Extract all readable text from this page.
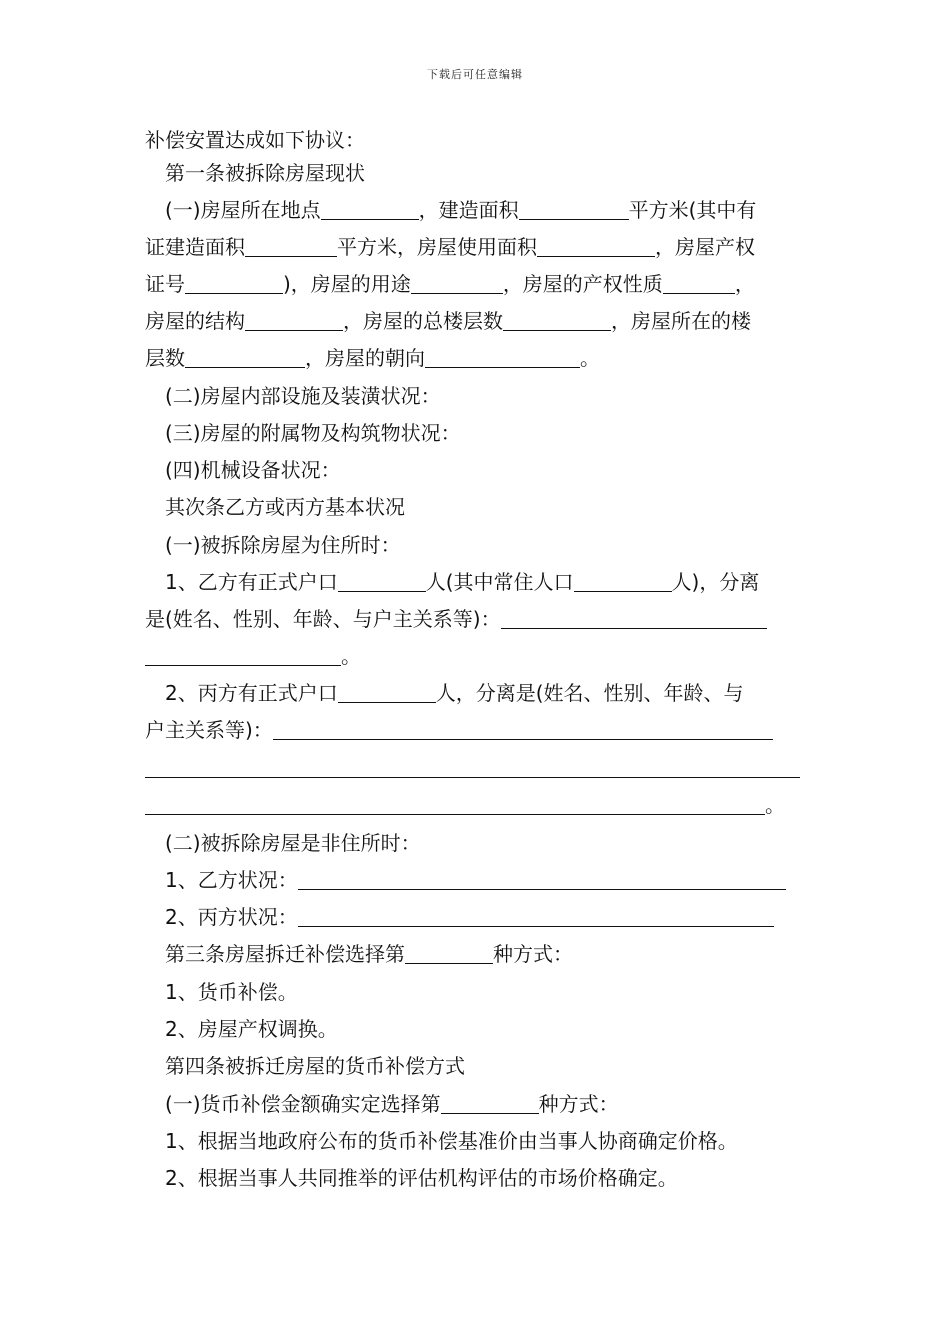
下载后可任意编辑
补偿安置达成如下协议：
第一条被拆除房屋现状
(一)房屋所在地点	，建造面积	平方米(其中有
证建造面积	平方米，房屋使用面积	，房屋产权
证号	)，房屋的用途	，房屋的产权性质	，
房屋的结构	，房屋的总楼层数	，房屋所在的楼
层数	，房屋的朝向	。
(二)房屋内部设施及装潢状况：
(三)房屋的附属物及构筑物状况：
(四)机械设备状况：
其次条乙方或丙方基本状况
(一)被拆除房屋为住所时：
1、乙方有正式户口	人(其中常住人口	人)，分离
是(姓名、性别、年龄、与户主关系等)：
。
2、丙方有正式户口	人，分离是(姓名、性别、年龄、与
户主关系等)：
。
(二)被拆除房屋是非住所时：
1、乙方状况：
2、丙方状况：
第三条房屋拆迁补偿选择第	种方式：
1、货币补偿。
2、房屋产权调换。
第四条被拆迁房屋的货币补偿方式
(一)货币补偿金额确实定选择第	种方式：
1、根据当地政府公布的货币补偿基准价由当事人协商确定价格。
2、根据当事人共同推举的评估机构评估的市场价格确定。
